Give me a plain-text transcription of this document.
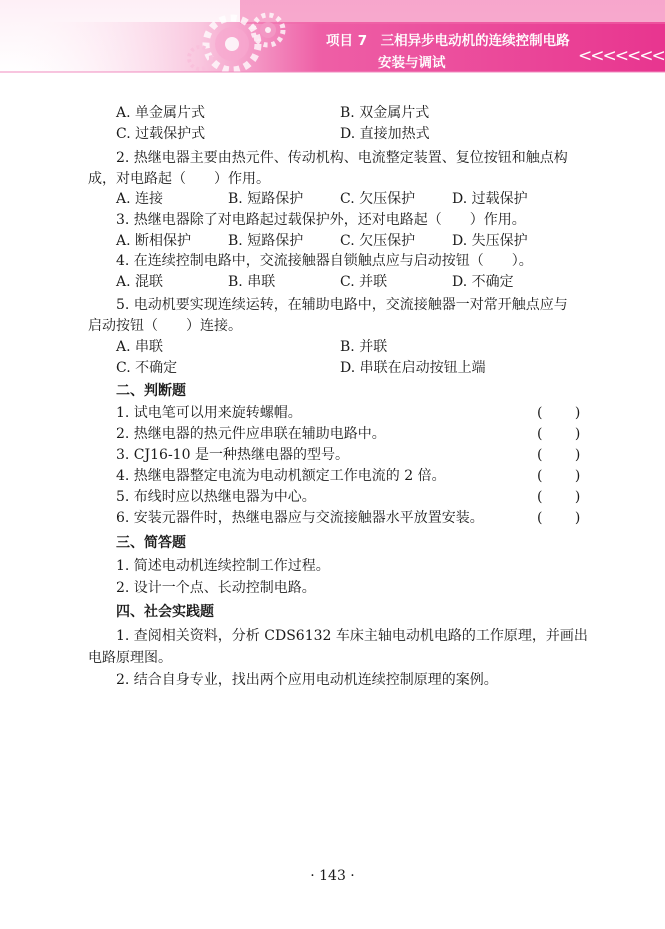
项目 7　三相异步电动机的连续控制电路
安装与调试	<<<<<<<
A. 单金属片式	B. 双金属片式
C. 过载保护式	D. 直接加热式
2. 热继电器主要由热元件、传动机构、电流整定装置、复位按钮和触点构
成，对电路起（　　）作用。
A. 连接	B. 短路保护	C. 欠压保护	D. 过载保护
3. 热继电器除了对电路起过载保护外，还对电路起（　　）作用。
A. 断相保护	B. 短路保护	C. 欠压保护	D. 失压保护
4. 在连续控制电路中，交流接触器自锁触点应与启动按钮（　　）。
A. 混联	B. 串联	C. 并联	D. 不确定
5. 电动机要实现连续运转，在辅助电路中，交流接触器一对常开触点应与
启动按钮（　　）连接。
A. 串联	B. 并联
C. 不确定	D. 串联在启动按钮上端
二、判断题
1. 试电笔可以用来旋转螺帽。	(　　 )
2. 热继电器的热元件应串联在辅助电路中。	(　　 )
3. CJ16-10 是一种热继电器的型号。	(　　 )
4. 热继电器整定电流为电动机额定工作电流的 2 倍。	(　　 )
5. 布线时应以热继电器为中心。	(　　 )
6. 安装元器件时，热继电器应与交流接触器水平放置安装。	(　　 )
三、简答题
1. 简述电动机连续控制工作过程。
2. 设计一个点、长动控制电路。
四、社会实践题
1. 查阅相关资料，分析 CDS6132 车床主轴电动机电路的工作原理，并画出
电路原理图。
2. 结合自身专业，找出两个应用电动机连续控制原理的案例。
· 143 ·
